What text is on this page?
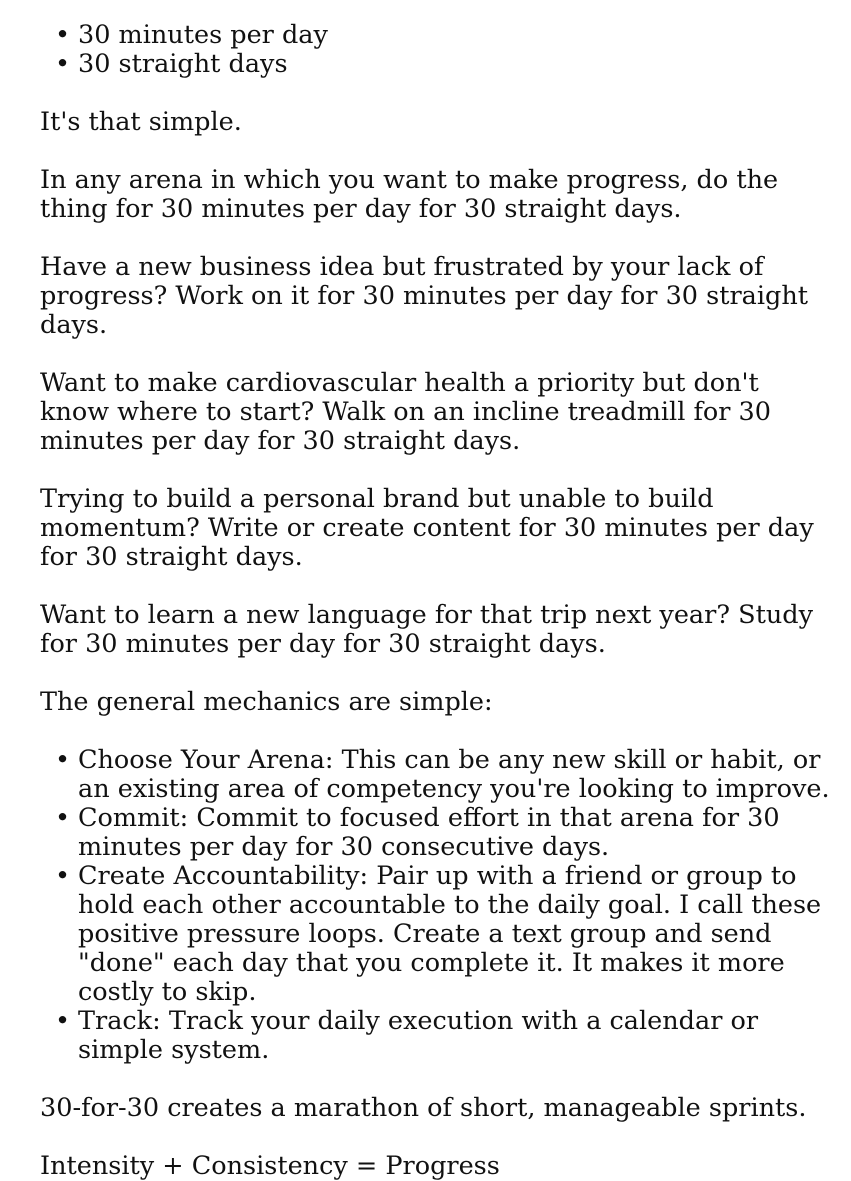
• 30 minutes per day
• 30 straight days

It's that simple.

In any arena in which you want to make progress, do the thing for 30 minutes per day for 30 straight days.

Have a new business idea but frustrated by your lack of progress? Work on it for 30 minutes per day for 30 straight days.

Want to make cardiovascular health a priority but don't know where to start? Walk on an incline treadmill for 30 minutes per day for 30 straight days.

Trying to build a personal brand but unable to build momentum? Write or create content for 30 minutes per day for 30 straight days.

Want to learn a new language for that trip next year? Study for 30 minutes per day for 30 straight days.

The general mechanics are simple:

• Choose Your Arena: This can be any new skill or habit, or an existing area of competency you're looking to improve.
• Commit: Commit to focused effort in that arena for 30 minutes per day for 30 consecutive days.
• Create Accountability: Pair up with a friend or group to hold each other accountable to the daily goal. I call these positive pressure loops. Create a text group and send "done" each day that you complete it. It makes it more costly to skip.
• Track: Track your daily execution with a calendar or simple system.

30-for-30 creates a marathon of short, manageable sprints.

Intensity + Consistency = Progress
